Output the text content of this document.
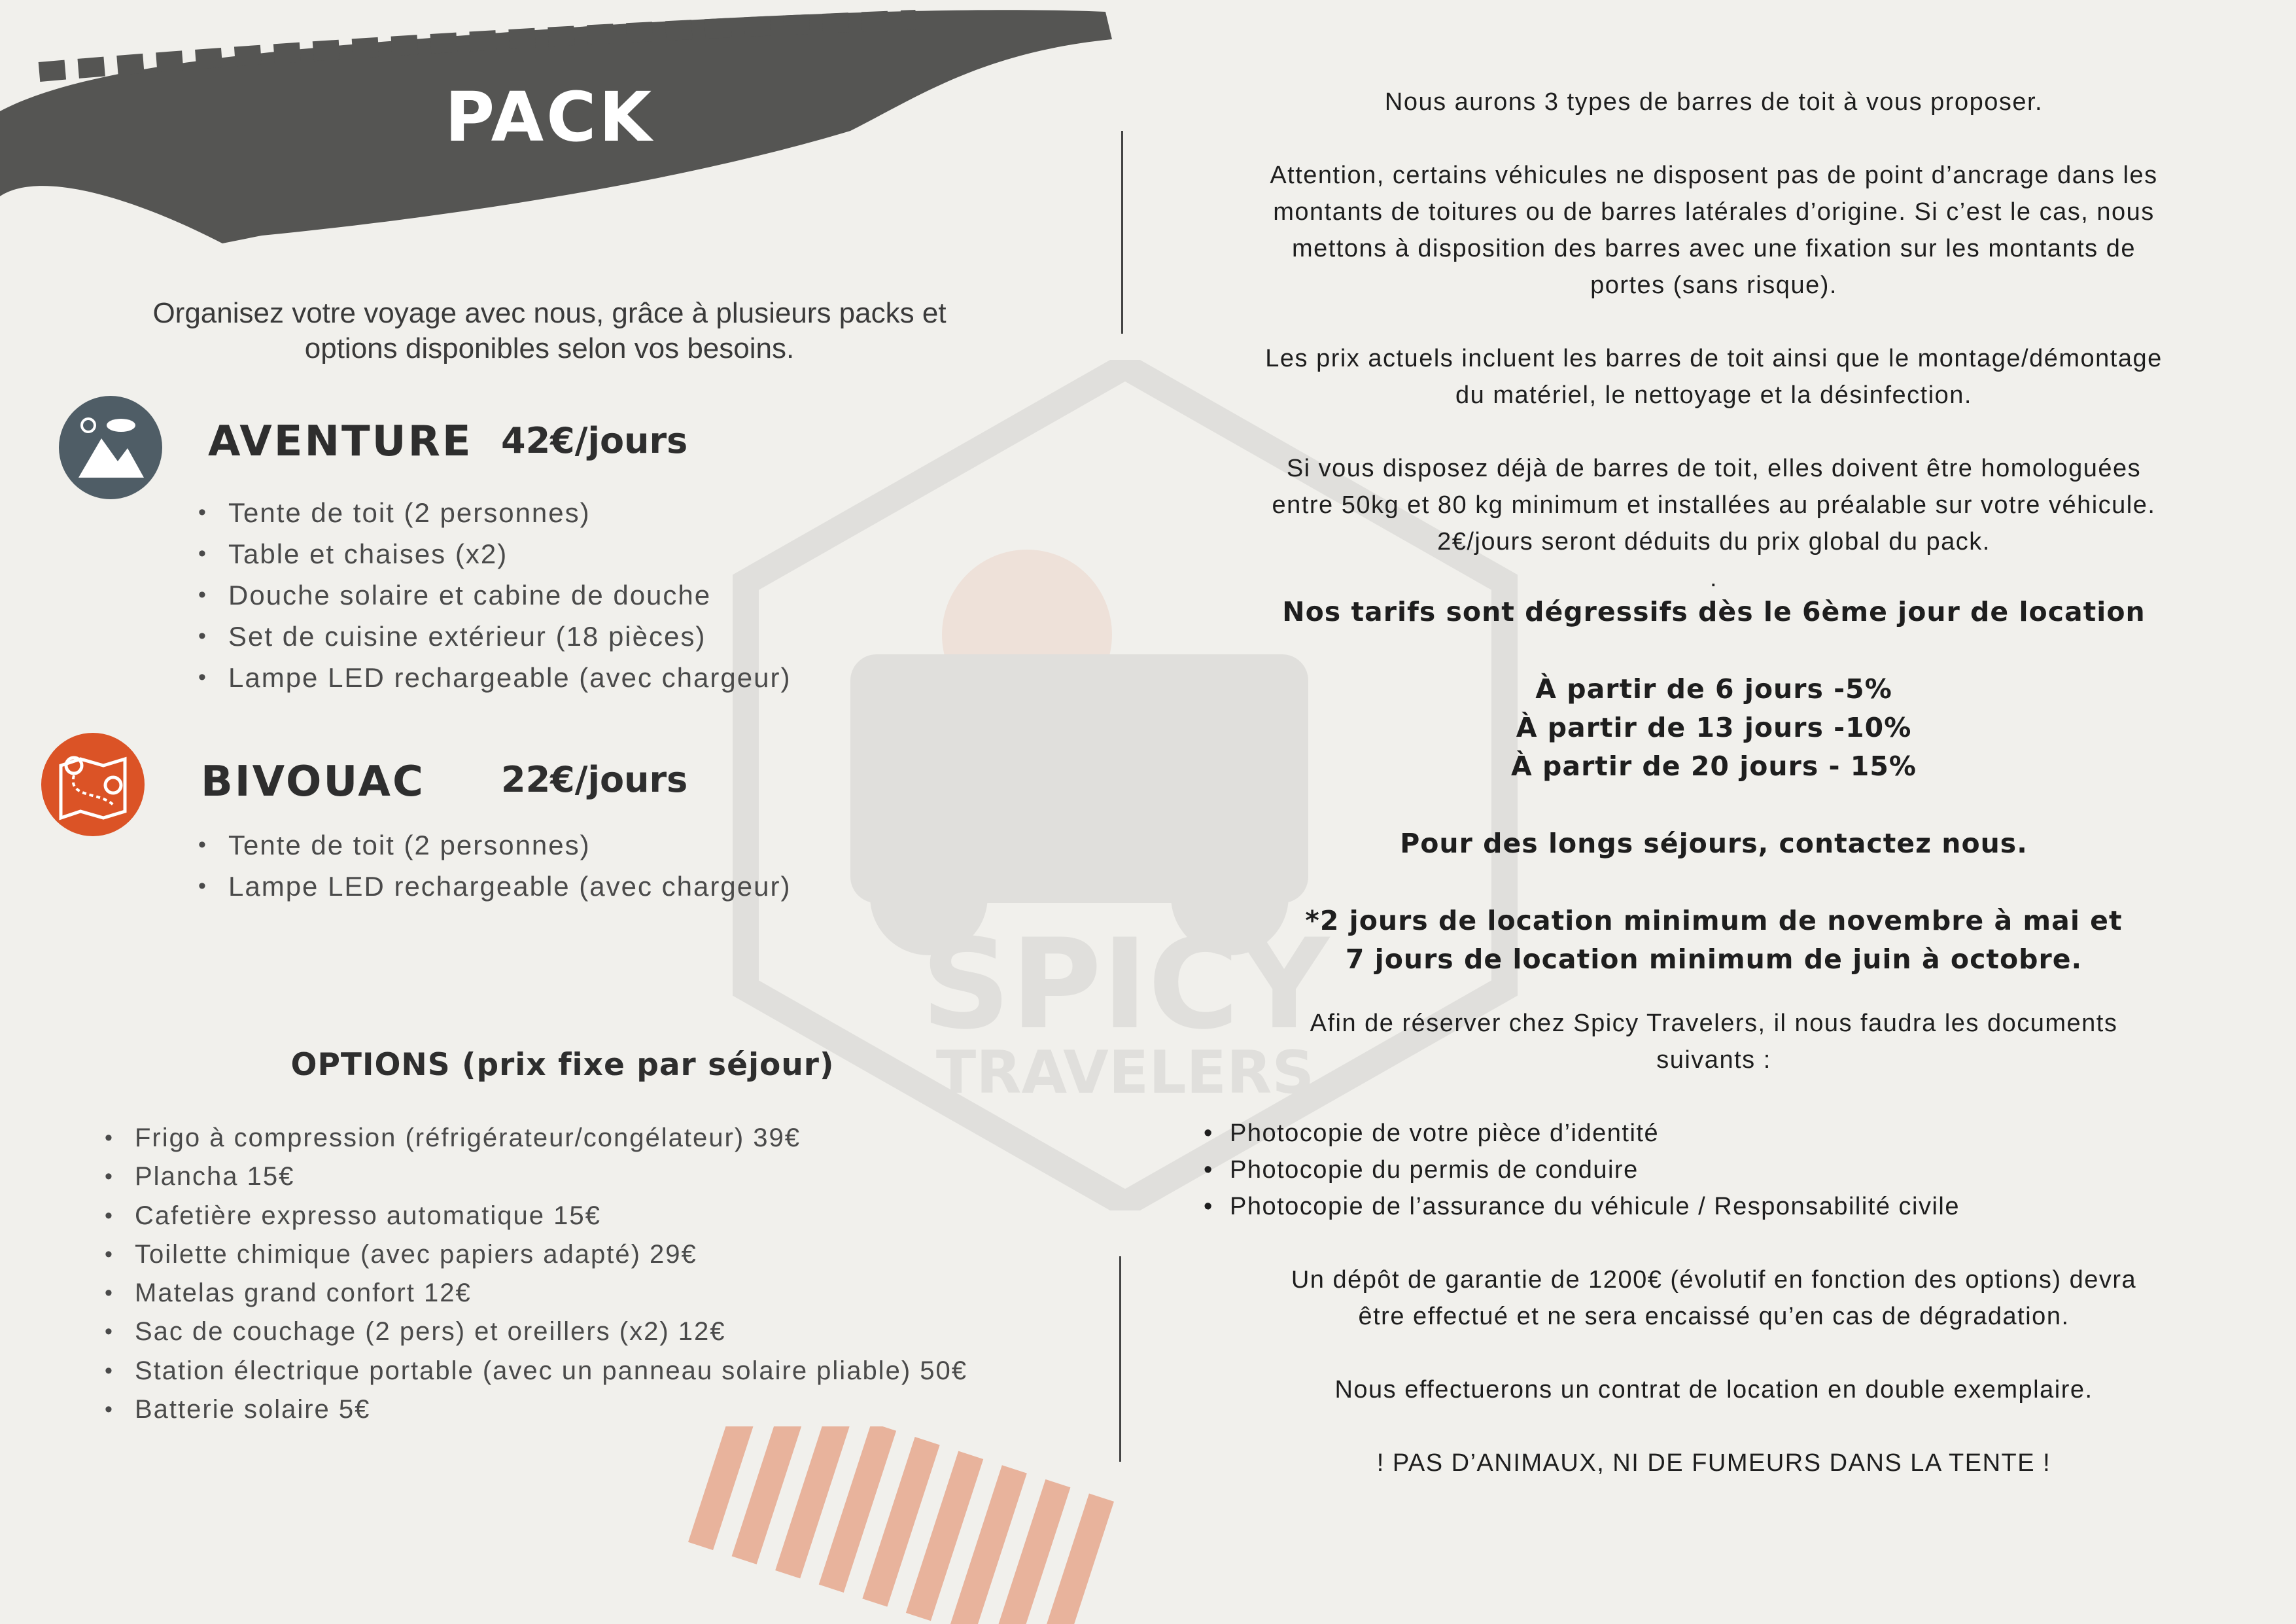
SPICY
TRAVELERS
PACK
Organisez votre voyage avec nous, grâce à plusieurs packs et
options disponibles selon vos besoins.
AVENTURE 42€/jours
• Tente de toit (2 personnes)
• Table et chaises (x2)
• Douche solaire et cabine de douche
• Set de cuisine extérieur (18 pièces)
• Lampe LED rechargeable (avec chargeur)
BIVOUAC 22€/jours
• Tente de toit (2 personnes)
• Lampe LED rechargeable (avec chargeur)
OPTIONS (prix fixe par séjour)
• Frigo à compression (réfrigérateur/congélateur) 39€
• Plancha 15€
• Cafetière expresso automatique 15€
• Toilette chimique (avec papiers adapté) 29€
• Matelas grand confort 12€
• Sac de couchage (2 pers) et oreillers (x2) 12€
• Station électrique portable (avec un panneau solaire pliable) 50€
• Batterie solaire 5€

Nous aurons 3 types de barres de toit à vous proposer.

Attention, certains véhicules ne disposent pas de point d’ancrage dans les
montants de toitures ou de barres latérales d’origine. Si c’est le cas, nous
mettons à disposition des barres avec une fixation sur les montants de
portes (sans risque).

Les prix actuels incluent les barres de toit ainsi que le montage/démontage
du matériel, le nettoyage et la désinfection.

Si vous disposez déjà de barres de toit, elles doivent être homologuées
entre 50kg et 80 kg minimum et installées au préalable sur votre véhicule.
2€/jours seront déduits du prix global du pack.
.

Nos tarifs sont dégressifs dès le 6ème jour de location

À partir de 6 jours -5%
À partir de 13 jours -10%
À partir de 20 jours - 15%

Pour des longs séjours, contactez nous.

*2 jours de location minimum de novembre à mai et
7 jours de location minimum de juin à octobre.

Afin de réserver chez Spicy Travelers, il nous faudra les documents
suivants :

• Photocopie de votre pièce d’identité
• Photocopie du permis de conduire
• Photocopie de l’assurance du véhicule / Responsabilité civile

Un dépôt de garantie de 1200€ (évolutif en fonction des options) devra
être effectué et ne sera encaissé qu’en cas de dégradation.

Nous effectuerons un contrat de location en double exemplaire.

! PAS D’ANIMAUX, NI DE FUMEURS DANS LA TENTE !
